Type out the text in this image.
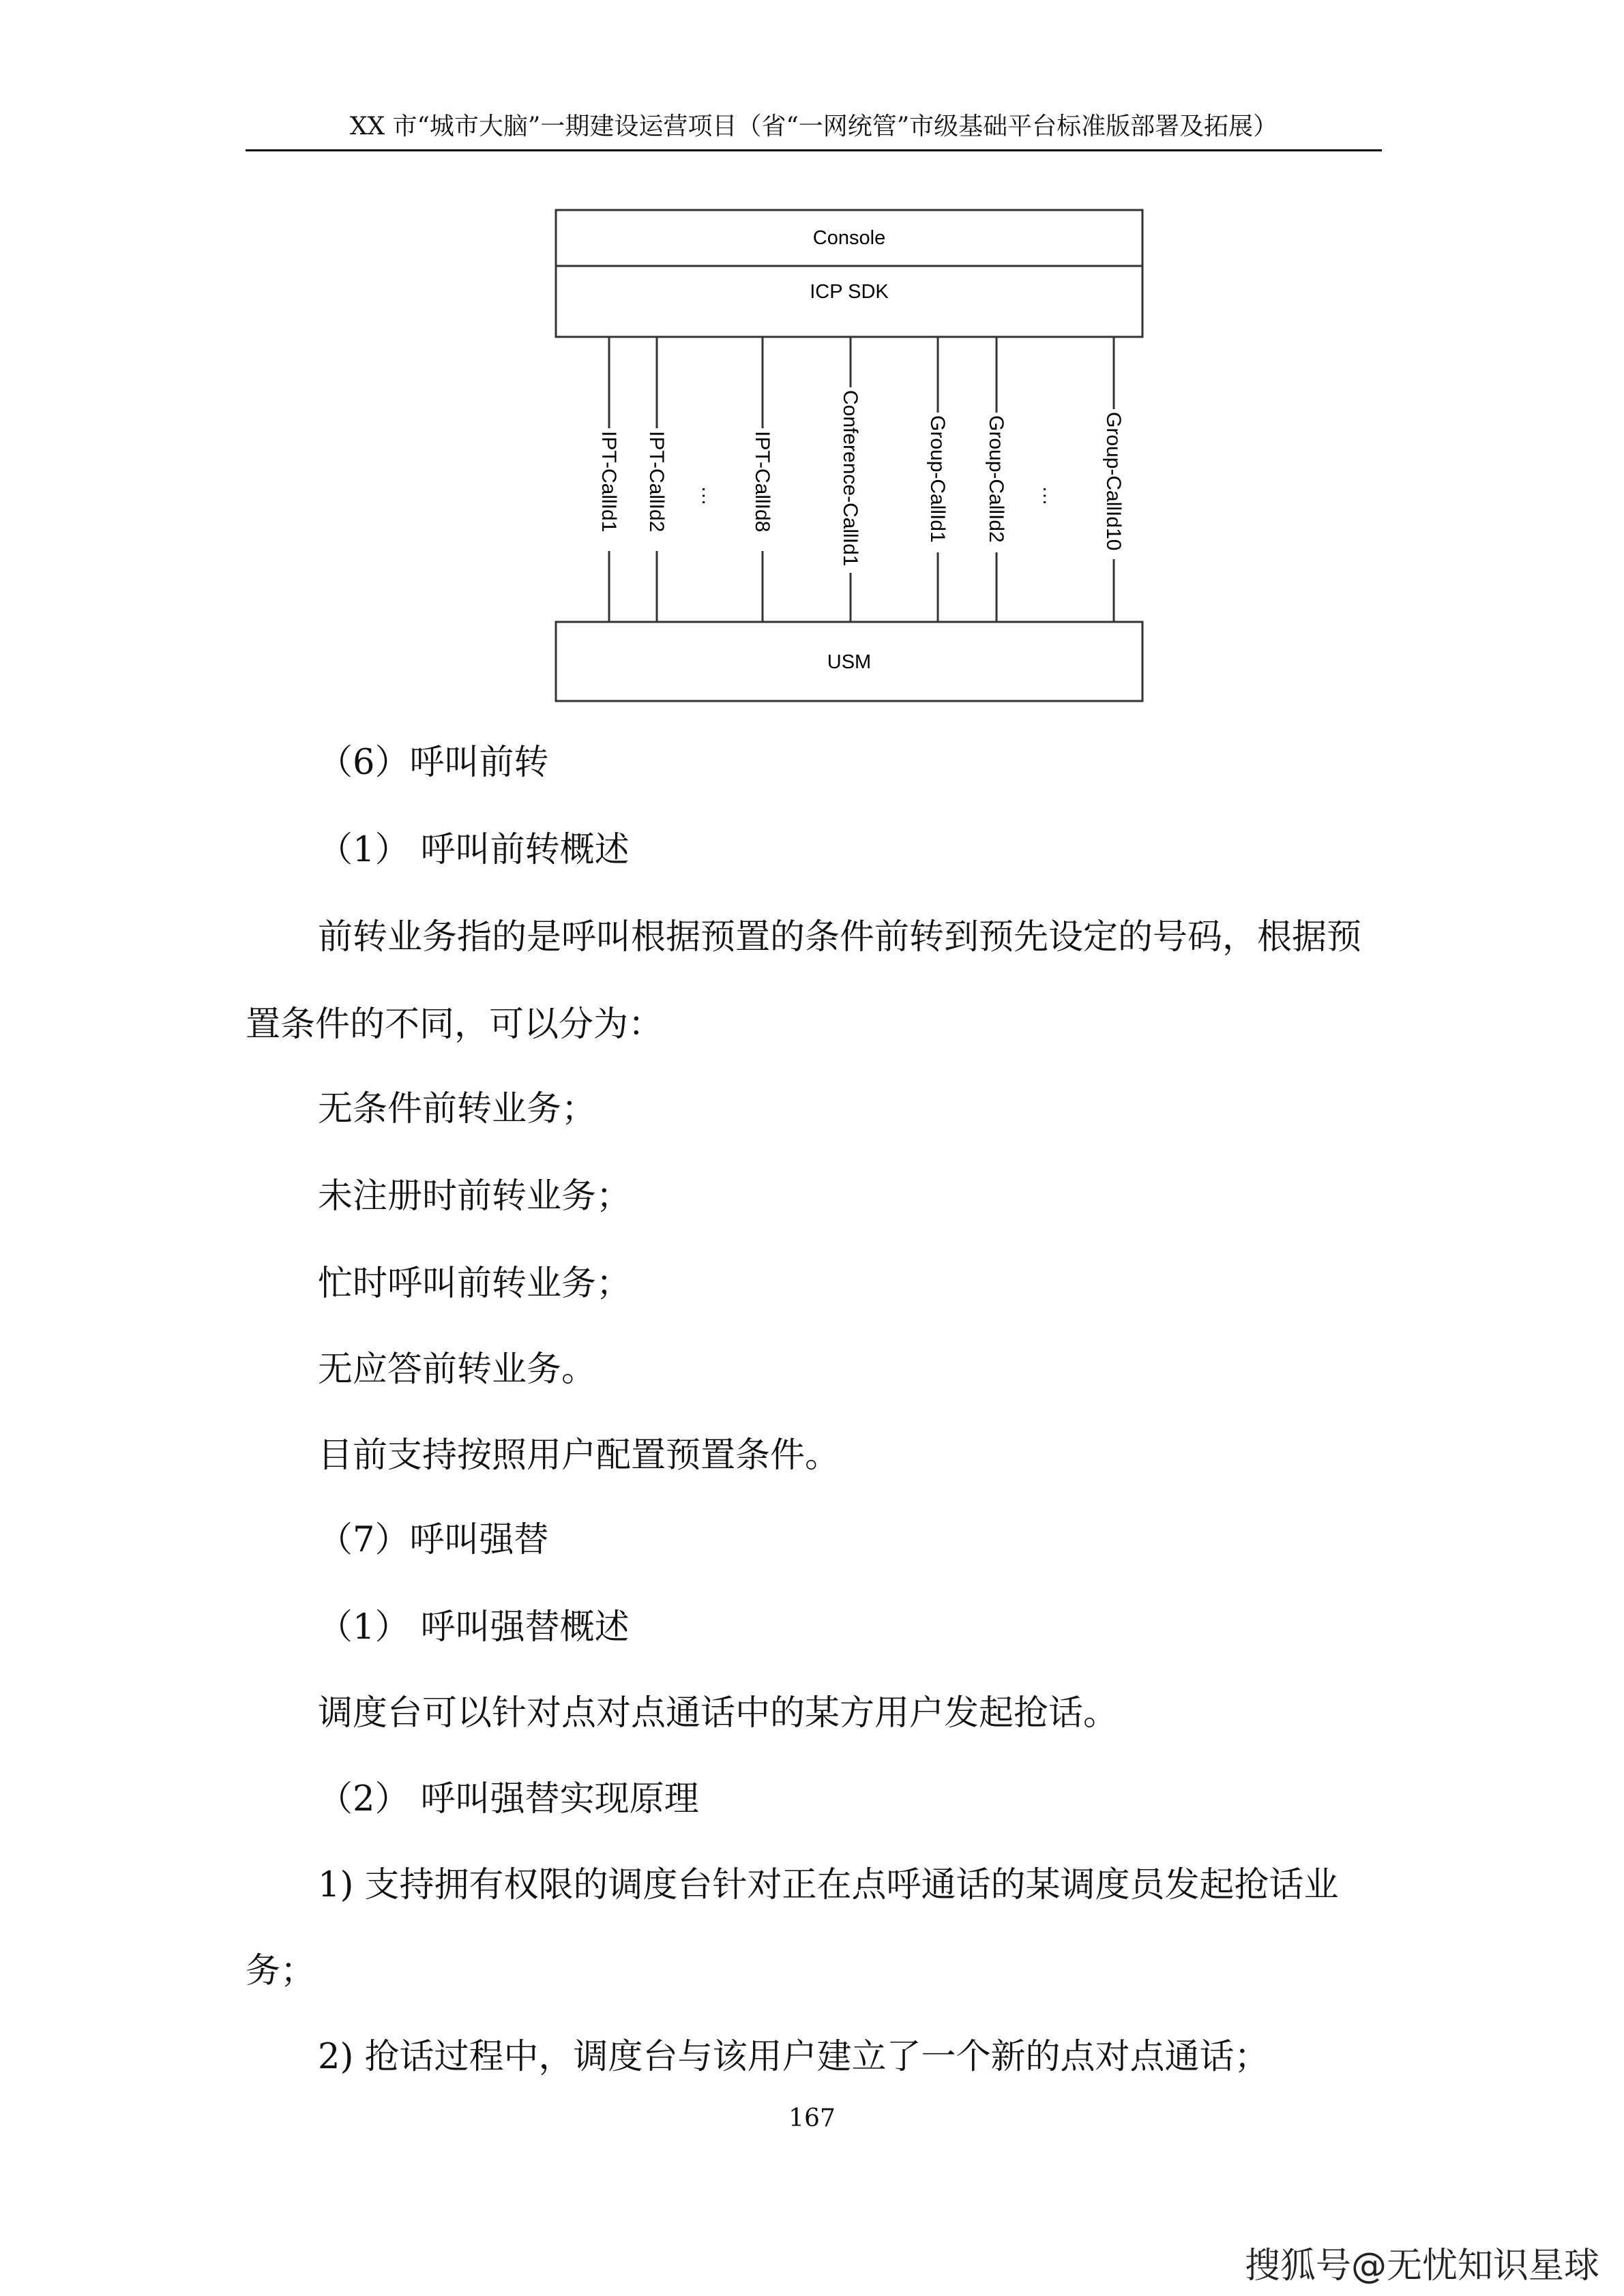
XX 市“城市大脑”一期建设运营项目（省“一网统管”市级基础平台标准版部署及拓展）
Console
ICP SDK
USM
IPT-CallId1 IPT-CallId2	IPT-CallId8	Conference-CallId1	Group-CallId1 Group-CallId2	Group-CallId10
…	…
（6）呼叫前转
（1） 呼叫前转概述
前转业务指的是呼叫根据预置的条件前转到预先设定的号码，根据预
置条件的不同，可以分为：
无条件前转业务；
未注册时前转业务；
忙时呼叫前转业务；
无应答前转业务。
目前支持按照用户配置预置条件。
（7）呼叫强替
（1） 呼叫强替概述
调度台可以针对点对点通话中的某方用户发起抢话。
（2） 呼叫强替实现原理
1) 支持拥有权限的调度台针对正在点呼通话的某调度员发起抢话业
务；
2) 抢话过程中，调度台与该用户建立了一个新的点对点通话；
167
搜狐号@无忧知识星球
